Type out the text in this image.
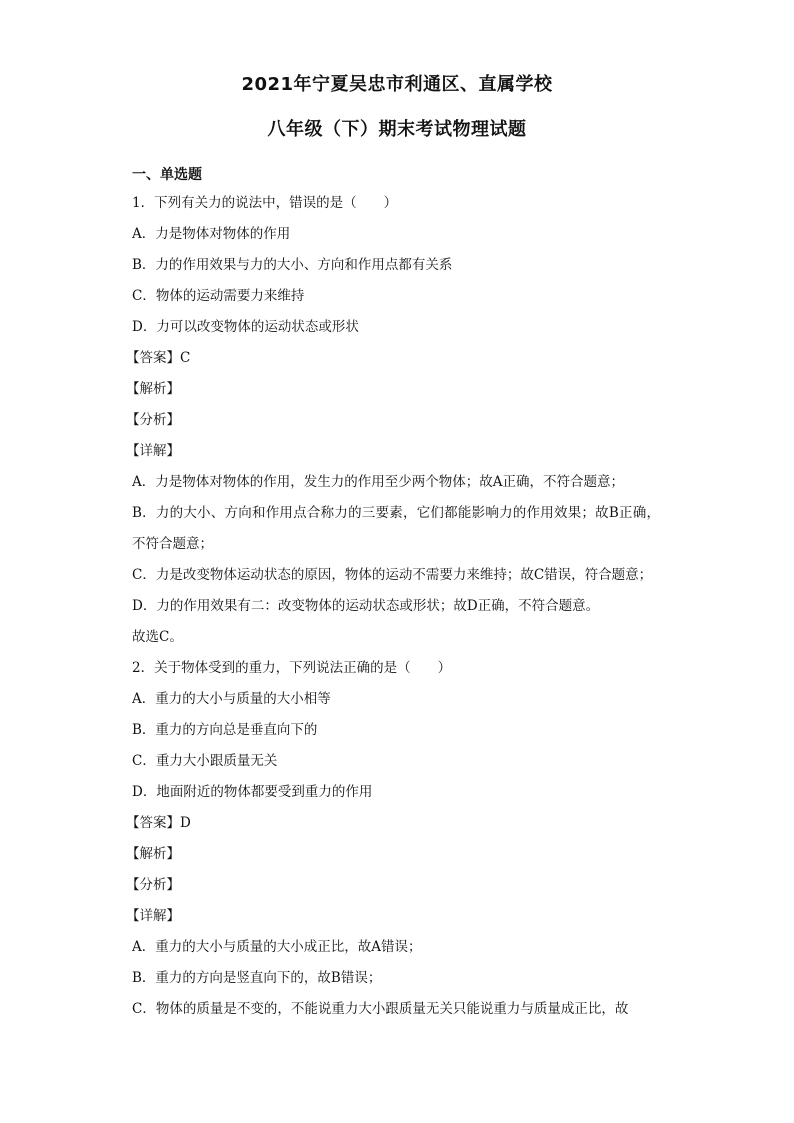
2021年宁夏吴忠市利通区、直属学校
八年级（下）期末考试物理试题
一、单选题
1．下列有关力的说法中，错误的是（　　）
A．力是物体对物体的作用
B．力的作用效果与力的大小、方向和作用点都有关系
C．物体的运动需要力来维持
D．力可以改变物体的运动状态或形状
【答案】C
【解析】
【分析】
【详解】
A．力是物体对物体的作用，发生力的作用至少两个物体；故A正确，不符合题意；
B．力的大小、方向和作用点合称力的三要素，它们都能影响力的作用效果；故B正确，不符合题意；
C．力是改变物体运动状态的原因，物体的运动不需要力来维持；故C错误，符合题意；
D．力的作用效果有二：改变物体的运动状态或形状；故D正确，不符合题意。
故选C。
2．关于物体受到的重力，下列说法正确的是（　　）
A．重力的大小与质量的大小相等
B．重力的方向总是垂直向下的
C．重力大小跟质量无关
D．地面附近的物体都要受到重力的作用
【答案】D
【解析】
【分析】
【详解】
A．重力的大小与质量的大小成正比，故A错误；
B．重力的方向是竖直向下的，故B错误；
C．物体的质量是不变的，不能说重力大小跟质量无关只能说重力与质量成正比，故
